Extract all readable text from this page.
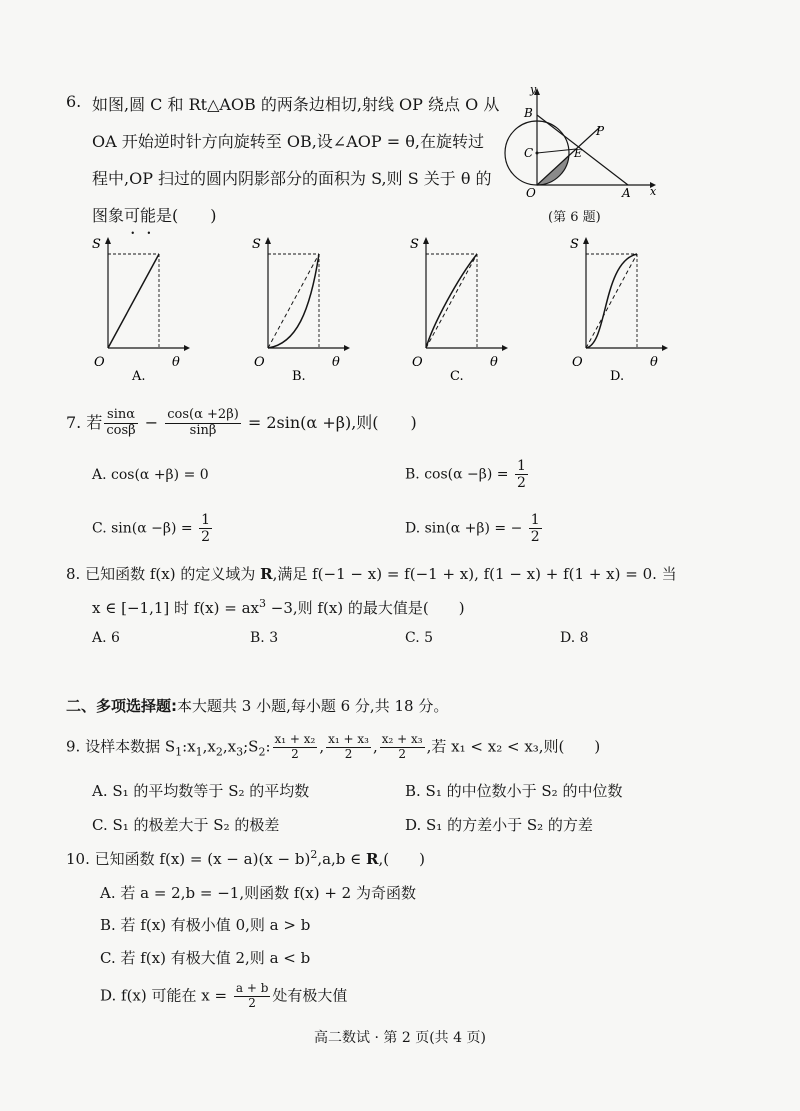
6. 如图,圆 C 和 Rt△AOB 的两条边相切,射线 OP 绕点 O 从
OA 开始逆时针方向旋转至 OB,设∠AOP = θ,在旋转过
程中,OP 扫过的圆内阴影部分的面积为 S,则 S 关于 θ 的
图象可能是(　　)
y
B
P
C	E
O	A x
(第 6 题)
S
O	θ
A.
S
O	θ
B.
S
O	θ
C.
S
O	θ
D.
7. 若 $\frac{\sin\alpha}{\cos\beta} - \frac{\cos(\alpha +2\beta)}{\sin\beta} = 2\sin(\alpha +\beta)$,则(　　)
A. cos(α +β) = 0	B. $\cos(\alpha -\beta) = \frac{1}{2}$
C. $\sin(\alpha -\beta) = \frac{1}{2}$	D. sin(α +β) = − $\frac{1}{2}$
8. 已知函数 f(x) 的定义域为 R,满足 f(−1 − x) = f(−1 + x), f(1 − x) + f(1 + x) = 0. 当
x ∈ [−1,1] 时 $f(x) = ax^3 -3$,则 f(x) 的最大值是(　　)
A. 6	B. 3	C. 5	D. 8
二、多项选择题:本大题共 3 小题,每小题 6 分,共 18 分。
9. 设样本数据 $S_1:x_1,x_2,x_3;S_2$: $\frac{\text{x₁ + x₂}}{2}$ , $\frac{\text{x₁ + x₃}}{2}$ , $\frac{\text{x₂ + x₃}}{2}$ ,若 x₁ < x₂ < x₃,则(　　)
A. S₁ 的平均数等于 S₂ 的平均数	B. S₁ 的中位数小于 S₂ 的中位数
C. S₁ 的极差大于 S₂ 的极差	D. S₁ 的方差小于 S₂ 的方差
10. 已知函数 $f(x) = (x - a)(x - b)^2,a,b$ ∈ R,(　　)
A. 若 a = 2,b = −1,则函数 f(x) + 2 为奇函数
B. 若 f(x) 有极小值 0,则 a > b
C. 若 f(x) 有极大值 2,则 a < b
D. f(x) 可能在 $x = \frac{a + b}{2}$ 处有极大值
高二数试 · 第 2 页(共 4 页)
